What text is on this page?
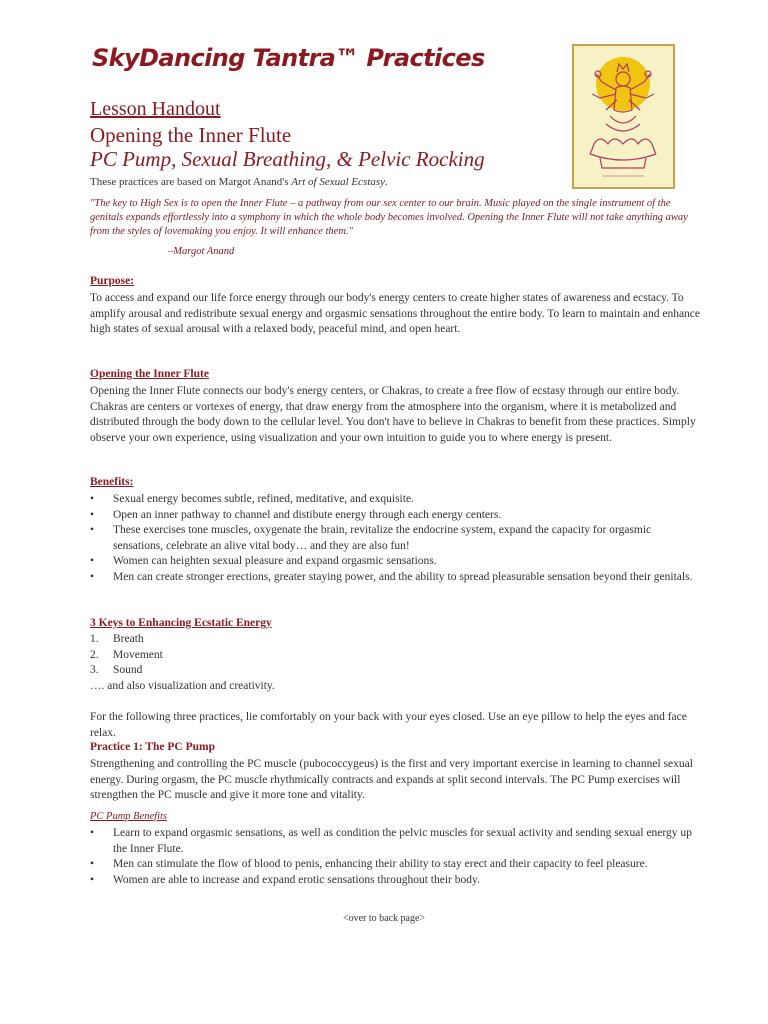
SkyDancing Tantra™ Practices
Lesson Handout
Opening the Inner Flute
PC Pump, Sexual Breathing, & Pelvic Rocking
These practices are based on Margot Anand's Art of Sexual Ecstasy.
"The key to High Sex is to open the Inner Flute – a pathway from our sex center to our brain. Music played on the single instrument of the genitals expands effortlessly into a symphony in which the whole body becomes involved. Opening the Inner Flute will not take anything away from the styles of lovemaking you enjoy. It will enhance them."
–Margot Anand
Purpose:
To access and expand our life force energy through our body's energy centers to create higher states of awareness and ecstacy. To amplify arousal and redistribute sexual energy and orgasmic sensations throughout the entire body. To learn to maintain and enhance high states of sexual arousal with a relaxed body, peaceful mind, and open heart.
Opening the Inner Flute
Opening the Inner Flute connects our body's energy centers, or Chakras, to create a free flow of ecstasy through our entire body. Chakras are centers or vortexes of energy, that draw energy from the atmosphere into the organism, where it is metabolized and distributed through the body down to the cellular level. You don't have to believe in Chakras to benefit from these practices. Simply observe your own experience, using visualization and your own intuition to guide you to where energy is present.
Benefits:
• Sexual energy becomes subtle, refined, meditative, and exquisite.
• Open an inner pathway to channel and distibute energy through each energy centers.
• These exercises tone muscles, oxygenate the brain, revitalize the endocrine system, expand the capacity for orgasmic sensations, celebrate an alive vital body… and they are also fun!
• Women can heighten sexual pleasure and expand orgasmic sensations.
• Men can create stronger erections, greater staying power, and the ability to spread pleasurable sensation beyond their genitals.
3 Keys to Enhancing Ecstatic Energy
1. Breath
2. Movement
3. Sound
…. and also visualization and creativity.
For the following three practices, lie comfortably on your back with your eyes closed. Use an eye pillow to help the eyes and face relax.
Practice 1: The PC Pump
Strengthening and controlling the PC muscle (pubococcygeus) is the first and very important exercise in learning to channel sexual energy. During orgasm, the PC muscle rhythmically contracts and expands at split second intervals. The PC Pump exercises will strengthen the PC muscle and give it more tone and vitality.
PC Pump Benefits
• Learn to expand orgasmic sensations, as well as condition the pelvic muscles for sexual activity and sending sexual energy up the Inner Flute.
• Men can stimulate the flow of blood to penis, enhancing their ability to stay erect and their capacity to feel pleasure.
• Women are able to increase and expand erotic sensations throughout their body.
<over to back page>
